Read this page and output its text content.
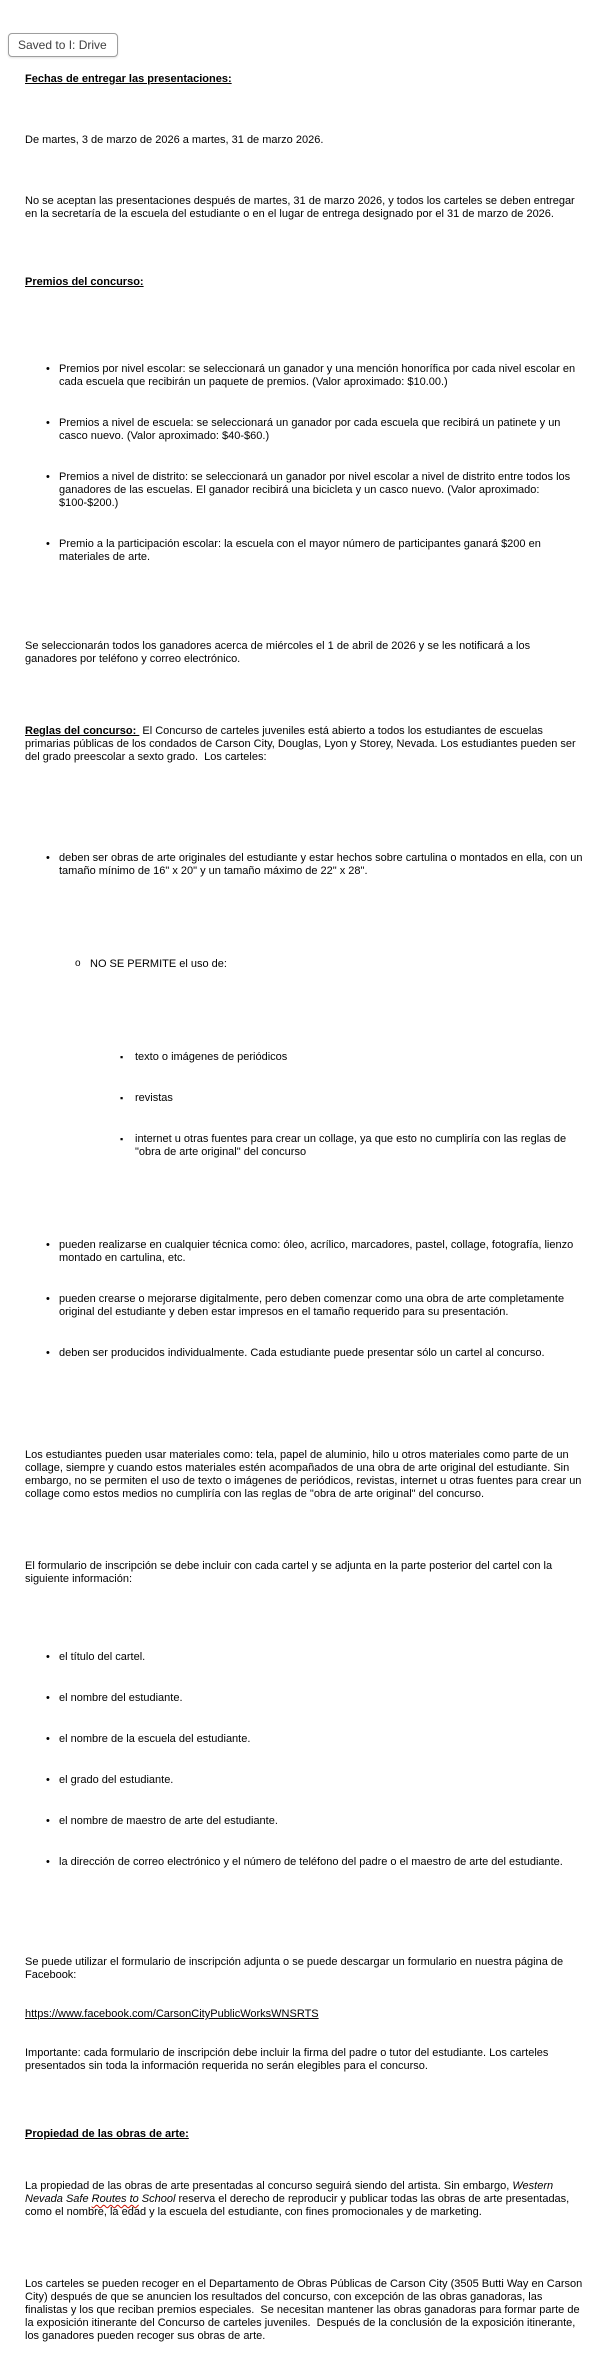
Saved to I: Drive

Fechas de entregar las presentaciones:

De martes, 3 de marzo de 2026 a martes, 31 de marzo 2026.

No se aceptan las presentaciones después de martes, 31 de marzo 2026, y todos los carteles se deben entregar en la secretaría de la escuela del estudiante o en el lugar de entrega designado por el 31 de marzo de 2026.

Premios del concurso:

• Premios por nivel escolar: se seleccionará un ganador y una mención honorífica por cada nivel escolar en cada escuela que recibirán un paquete de premios. (Valor aproximado: $10.00.)

• Premios a nivel de escuela: se seleccionará un ganador por cada escuela que recibirá un patinete y un casco nuevo. (Valor aproximado: $40-$60.)

• Premios a nivel de distrito: se seleccionará un ganador por nivel escolar a nivel de distrito entre todos los ganadores de las escuelas. El ganador recibirá una bicicleta y un casco nuevo. (Valor aproximado: $100-$200.)

• Premio a la participación escolar: la escuela con el mayor número de participantes ganará $200 en materiales de arte.

Se seleccionarán todos los ganadores acerca de miércoles el 1 de abril de 2026 y se les notificará a los ganadores por teléfono y correo electrónico.

Reglas del concurso:  El Concurso de carteles juveniles está abierto a todos los estudiantes de escuelas primarias públicas de los condados de Carson City, Douglas, Lyon y Storey, Nevada. Los estudiantes pueden ser del grado preescolar a sexto grado.  Los carteles:

• deben ser obras de arte originales del estudiante y estar hechos sobre cartulina o montados en ella, con un tamaño mínimo de 16" x 20" y un tamaño máximo de 22" x 28".

o NO SE PERMITE el uso de:

▪ texto o imágenes de periódicos

▪ revistas

▪ internet u otras fuentes para crear un collage, ya que esto no cumpliría con las reglas de "obra de arte original" del concurso

• pueden realizarse en cualquier técnica como: óleo, acrílico, marcadores, pastel, collage, fotografía, lienzo montado en cartulina, etc.

• pueden crearse o mejorarse digitalmente, pero deben comenzar como una obra de arte completamente original del estudiante y deben estar impresos en el tamaño requerido para su presentación.

• deben ser producidos individualmente. Cada estudiante puede presentar sólo un cartel al concurso.

Los estudiantes pueden usar materiales como: tela, papel de aluminio, hilo u otros materiales como parte de un collage, siempre y cuando estos materiales estén acompañados de una obra de arte original del estudiante. Sin embargo, no se permiten el uso de texto o imágenes de periódicos, revistas, internet u otras fuentes para crear un collage como estos medios no cumpliría con las reglas de "obra de arte original" del concurso.

El formulario de inscripción se debe incluir con cada cartel y se adjunta en la parte posterior del cartel con la siguiente información:

• el título del cartel.

• el nombre del estudiante.

• el nombre de la escuela del estudiante.

• el grado del estudiante.

• el nombre de maestro de arte del estudiante.

• la dirección de correo electrónico y el número de teléfono del padre o el maestro de arte del estudiante.

Se puede utilizar el formulario de inscripción adjunta o se puede descargar un formulario en nuestra página de Facebook:

https://www.facebook.com/CarsonCityPublicWorksWNSRTS

Importante: cada formulario de inscripción debe incluir la firma del padre o tutor del estudiante. Los carteles presentados sin toda la información requerida no serán elegibles para el concurso.

Propiedad de las obras de arte:

La propiedad de las obras de arte presentadas al concurso seguirá siendo del artista. Sin embargo, Western Nevada Safe Routes to School reserva el derecho de reproducir y publicar todas las obras de arte presentadas, como el nombre, la edad y la escuela del estudiante, con fines promocionales y de marketing.

Los carteles se pueden recoger en el Departamento de Obras Públicas de Carson City (3505 Butti Way en Carson City) después de que se anuncien los resultados del concurso, con excepción de las obras ganadoras, las finalistas y los que reciban premios especiales.  Se necesitan mantener las obras ganadoras para formar parte de la exposición itinerante del Concurso de carteles juveniles.  Después de la conclusión de la exposición itinerante, los ganadores pueden recoger sus obras de arte.
